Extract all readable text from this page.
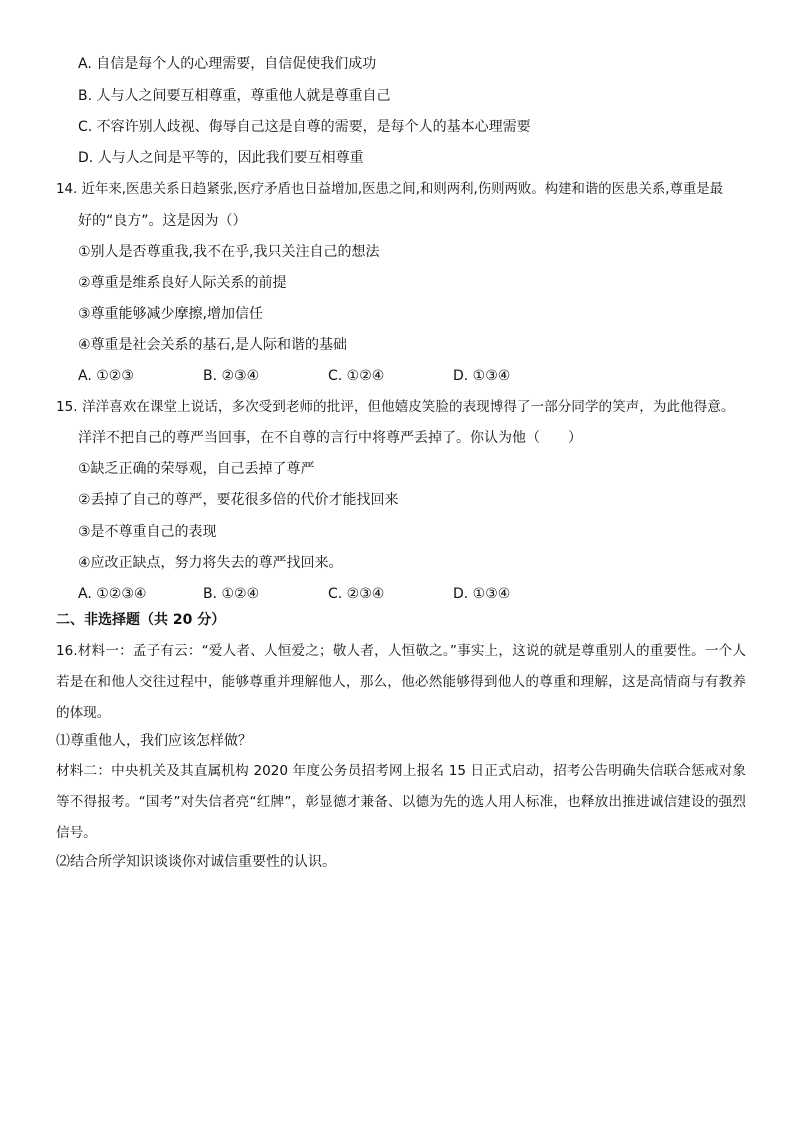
A. 自信是每个人的心理需要，自信促使我们成功
B. 人与人之间要互相尊重，尊重他人就是尊重自己
C. 不容许别人歧视、侮辱自己这是自尊的需要，是每个人的基本心理需要
D. 人与人之间是平等的，因此我们要互相尊重
14. 近年来,医患关系日趋紧张,医疗矛盾也日益增加,医患之间,和则两利,伤则两败。构建和谐的医患关系,尊重是最
好的“良方”。这是因为（）
①别人是否尊重我,我不在乎,我只关注自己的想法
②尊重是维系良好人际关系的前提
③尊重能够减少摩擦,增加信任
④尊重是社会关系的基石,是人际和谐的基础
A. ①②③	B. ②③④	C. ①②④	D. ①③④
15. 洋洋喜欢在课堂上说话，多次受到老师的批评，但他嬉皮笑脸的表现博得了一部分同学的笑声，为此他得意。
洋洋不把自己的尊严当回事，在不自尊的言行中将尊严丢掉了。你认为他（　　）
①缺乏正确的荣辱观，自己丢掉了尊严
②丢掉了自己的尊严，要花很多倍的代价才能找回来
③是不尊重自己的表现
④应改正缺点，努力将失去的尊严找回来。
A. ①②③④	B. ①②④	C. ②③④	D. ①③④
二、非选择题（共 20 分）
16.材料一：孟子有云：“爱人者、人恒爱之；敬人者，人恒敬之。”事实上，这说的就是尊重别人的重要性。一个人若是在和他人交往过程中，能够尊重并理解他人，那么，他必然能够得到他人的尊重和理解，这是高情商与有教养的体现。
⑴尊重他人，我们应该怎样做？
材料二：中央机关及其直属机构 2020 年度公务员招考网上报名 15 日正式启动，招考公告明确失信联合惩戒对象等不得报考。“国考”对失信者亮“红牌”，彰显德才兼备、以德为先的选人用人标准，也释放出推进诚信建设的强烈信号。
⑵结合所学知识谈谈你对诚信重要性的认识。
